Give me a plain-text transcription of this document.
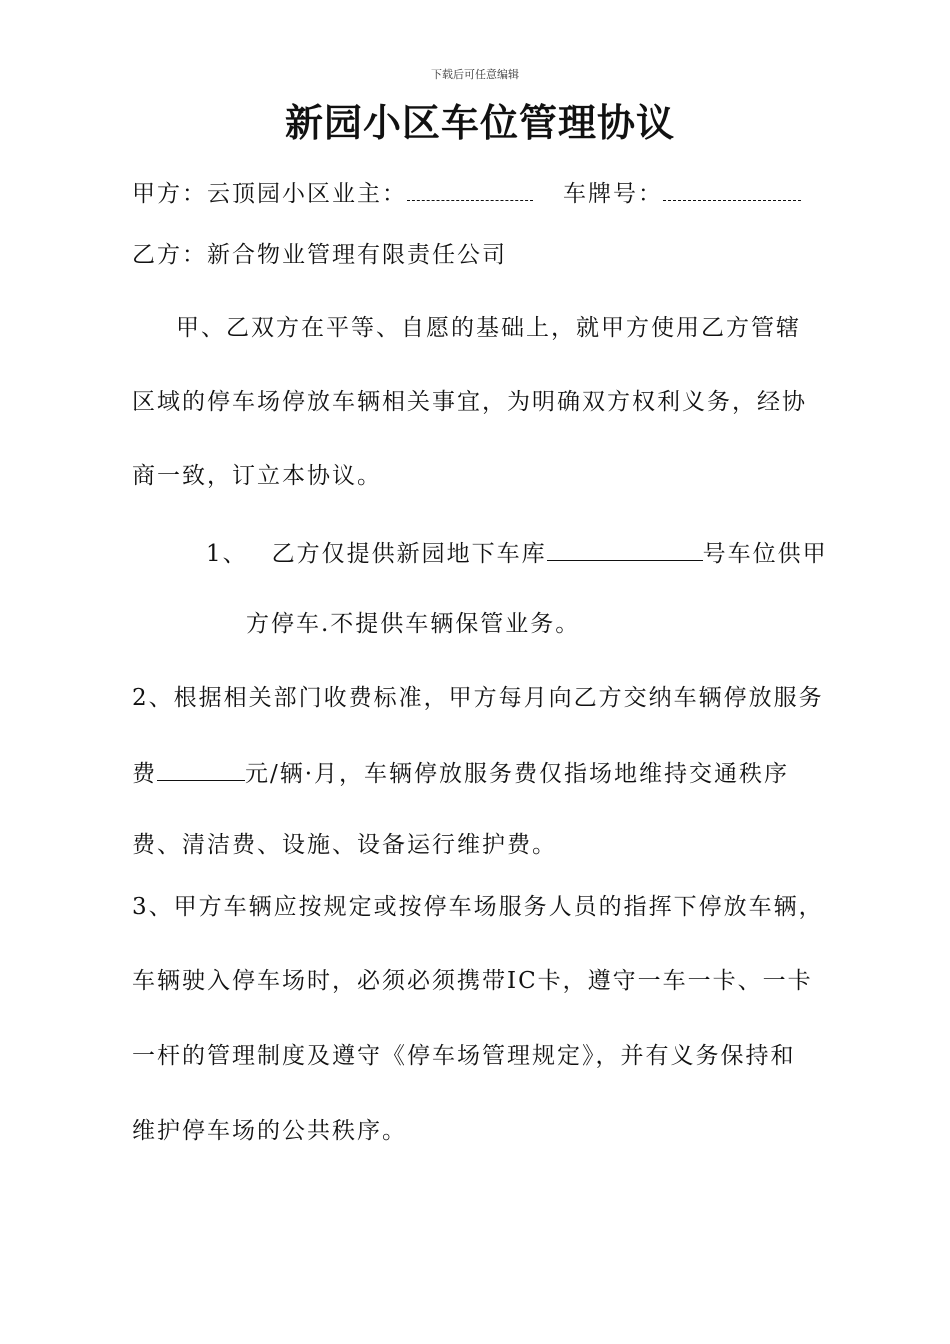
下载后可任意编辑
新园小区车位管理协议
甲方：云顶园小区业主：	车牌号：
乙方：新合物业管理有限责任公司
甲、乙双方在平等、自愿的基础上，就甲方使用乙方管辖
区域的停车场停放车辆相关事宜，为明确双方权利义务，经协
商一致，订立本协议。
1、 乙方仅提供新园地下车库	号车位供甲
方停车.不提供车辆保管业务。
2、根据相关部门收费标准，甲方每月向乙方交纳车辆停放服务
费	元/辆·月，车辆停放服务费仅指场地维持交通秩序
费、清洁费、设施、设备运行维护费。
3、甲方车辆应按规定或按停车场服务人员的指挥下停放车辆，
车辆驶入停车场时，必须必须携带IC卡，遵守一车一卡、一卡
一杆的管理制度及遵守《停车场管理规定》，并有义务保持和
维护停车场的公共秩序。
